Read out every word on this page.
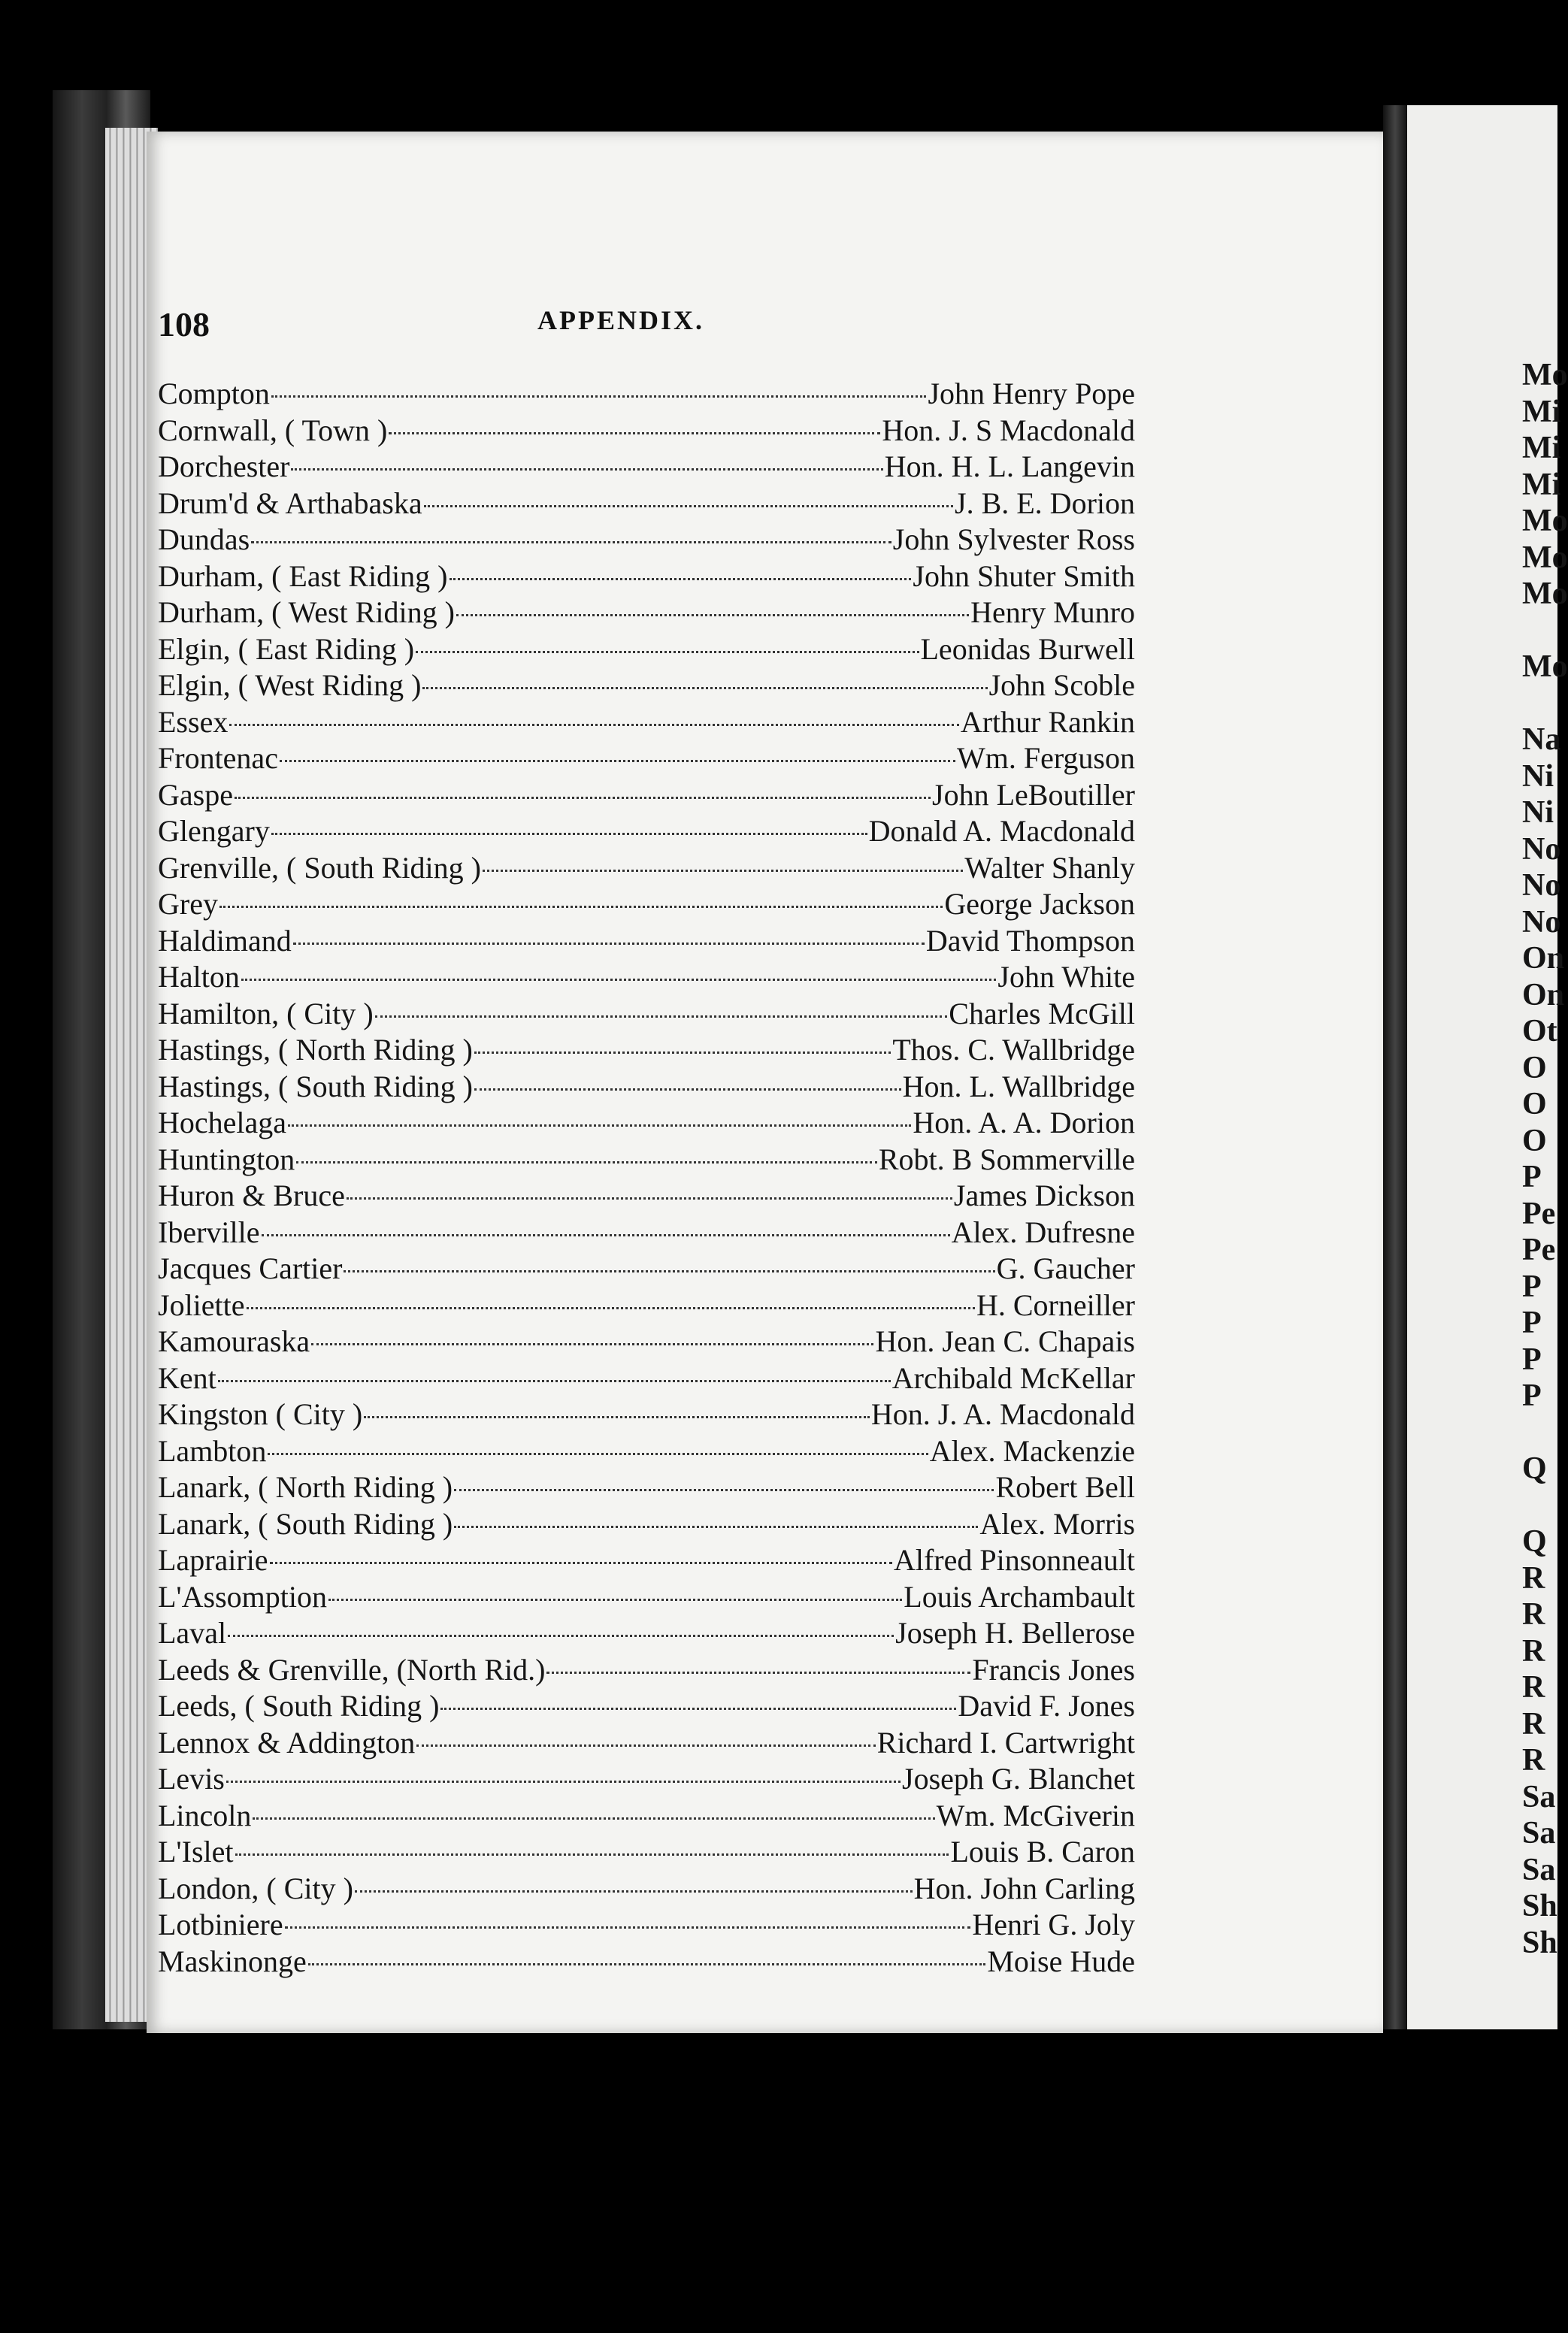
108	APPENDIX.
Compton	John Henry Pope
Cornwall, ( Town )	Hon. J. S Macdonald
Dorchester	Hon. H. L. Langevin
Drum'd & Arthabaska	J. B. E. Dorion
Dundas	John Sylvester Ross
Durham, ( East Riding )	John Shuter Smith
Durham, ( West Riding )	Henry Munro
Elgin, ( East Riding )	Leonidas Burwell
Elgin, ( West Riding )	John Scoble
Essex	Arthur Rankin
Frontenac	Wm. Ferguson
Gaspe	John LeBoutiller
Glengary	Donald A. Macdonald
Grenville, ( South Riding )	Walter Shanly
Grey	George Jackson
Haldimand	David Thompson
Halton	John White
Hamilton, ( City )	Charles McGill
Hastings, ( North Riding )	Thos. C. Wallbridge
Hastings, ( South Riding )	Hon. L. Wallbridge
Hochelaga	Hon. A. A. Dorion
Huntington	Robt. B Sommerville
Huron & Bruce	James Dickson
Iberville	Alex. Dufresne
Jacques Cartier	G. Gaucher
Joliette	H. Corneiller
Kamouraska	Hon. Jean C. Chapais
Kent	Archibald McKellar
Kingston ( City )	Hon. J. A. Macdonald
Lambton	Alex. Mackenzie
Lanark, ( North Riding )	Robert Bell
Lanark, ( South Riding )	Alex. Morris
Laprairie	Alfred Pinsonneault
L'Assomption	Louis Archambault
Laval	Joseph H. Bellerose
Leeds & Grenville, (North Rid.)	Francis Jones
Leeds, ( South Riding )	David F. Jones
Lennox & Addington	Richard I. Cartwright
Levis	Joseph G. Blanchet
Lincoln	Wm. McGiverin
L'Islet	Louis B. Caron
London, ( City )	Hon. John Carling
Lotbiniere	Henri G. Joly
Maskinonge	Moise Hude
Mo
Mi
Mi
Mi
Mo
Mo
Mo
Mo
Na
Ni
Ni
No
No
No
On
On
Ot
O
O
O
P
Pe
Pe
P
P
P
P
Q
Q
R
R
R
R
R
R
Sa
Sa
Sa
Sh
Sh
